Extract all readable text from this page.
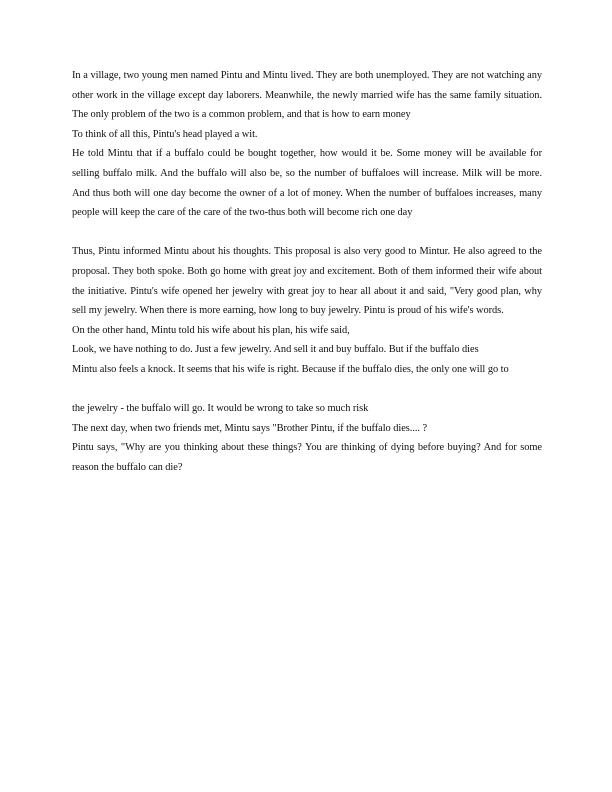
In a village, two young men named Pintu and Mintu lived. They are both unemployed. They are not watching any other work in the village except day laborers. Meanwhile, the newly married wife has the same family situation. The only problem of the two is a common problem, and that is how to earn money

To think of all this, Pintu's head played a wit.

He told Mintu that if a buffalo could be bought together, how would it be. Some money will be available for selling buffalo milk. And the buffalo will also be, so the number of buffaloes will increase. Milk will be more. And thus both will one day become the owner of a lot of money. When the number of buffaloes increases, many people will keep the care of the care of the two-thus both will become rich one day

Thus, Pintu informed Mintu about his thoughts. This proposal is also very good to Mintur. He also agreed to the proposal. They both spoke. Both go home with great joy and excitement. Both of them informed their wife about the initiative. Pintu's wife opened her jewelry with great joy to hear all about it and said, "Very good plan, why sell my jewelry. When there is more earning, how long to buy jewelry. Pintu is proud of his wife's words.

On the other hand, Mintu told his wife about his plan, his wife said,

Look, we have nothing to do. Just a few jewelry. And sell it and buy buffalo. But if the buffalo dies

Mintu also feels a knock. It seems that his wife is right. Because if the buffalo dies, the only one will go to

the jewelry - the buffalo will go. It would be wrong to take so much risk

The next day, when two friends met, Mintu says "Brother Pintu, if the buffalo dies.... ?

Pintu says, "Why are you thinking about these things? You are thinking of dying before buying? And for some reason the buffalo can die?
